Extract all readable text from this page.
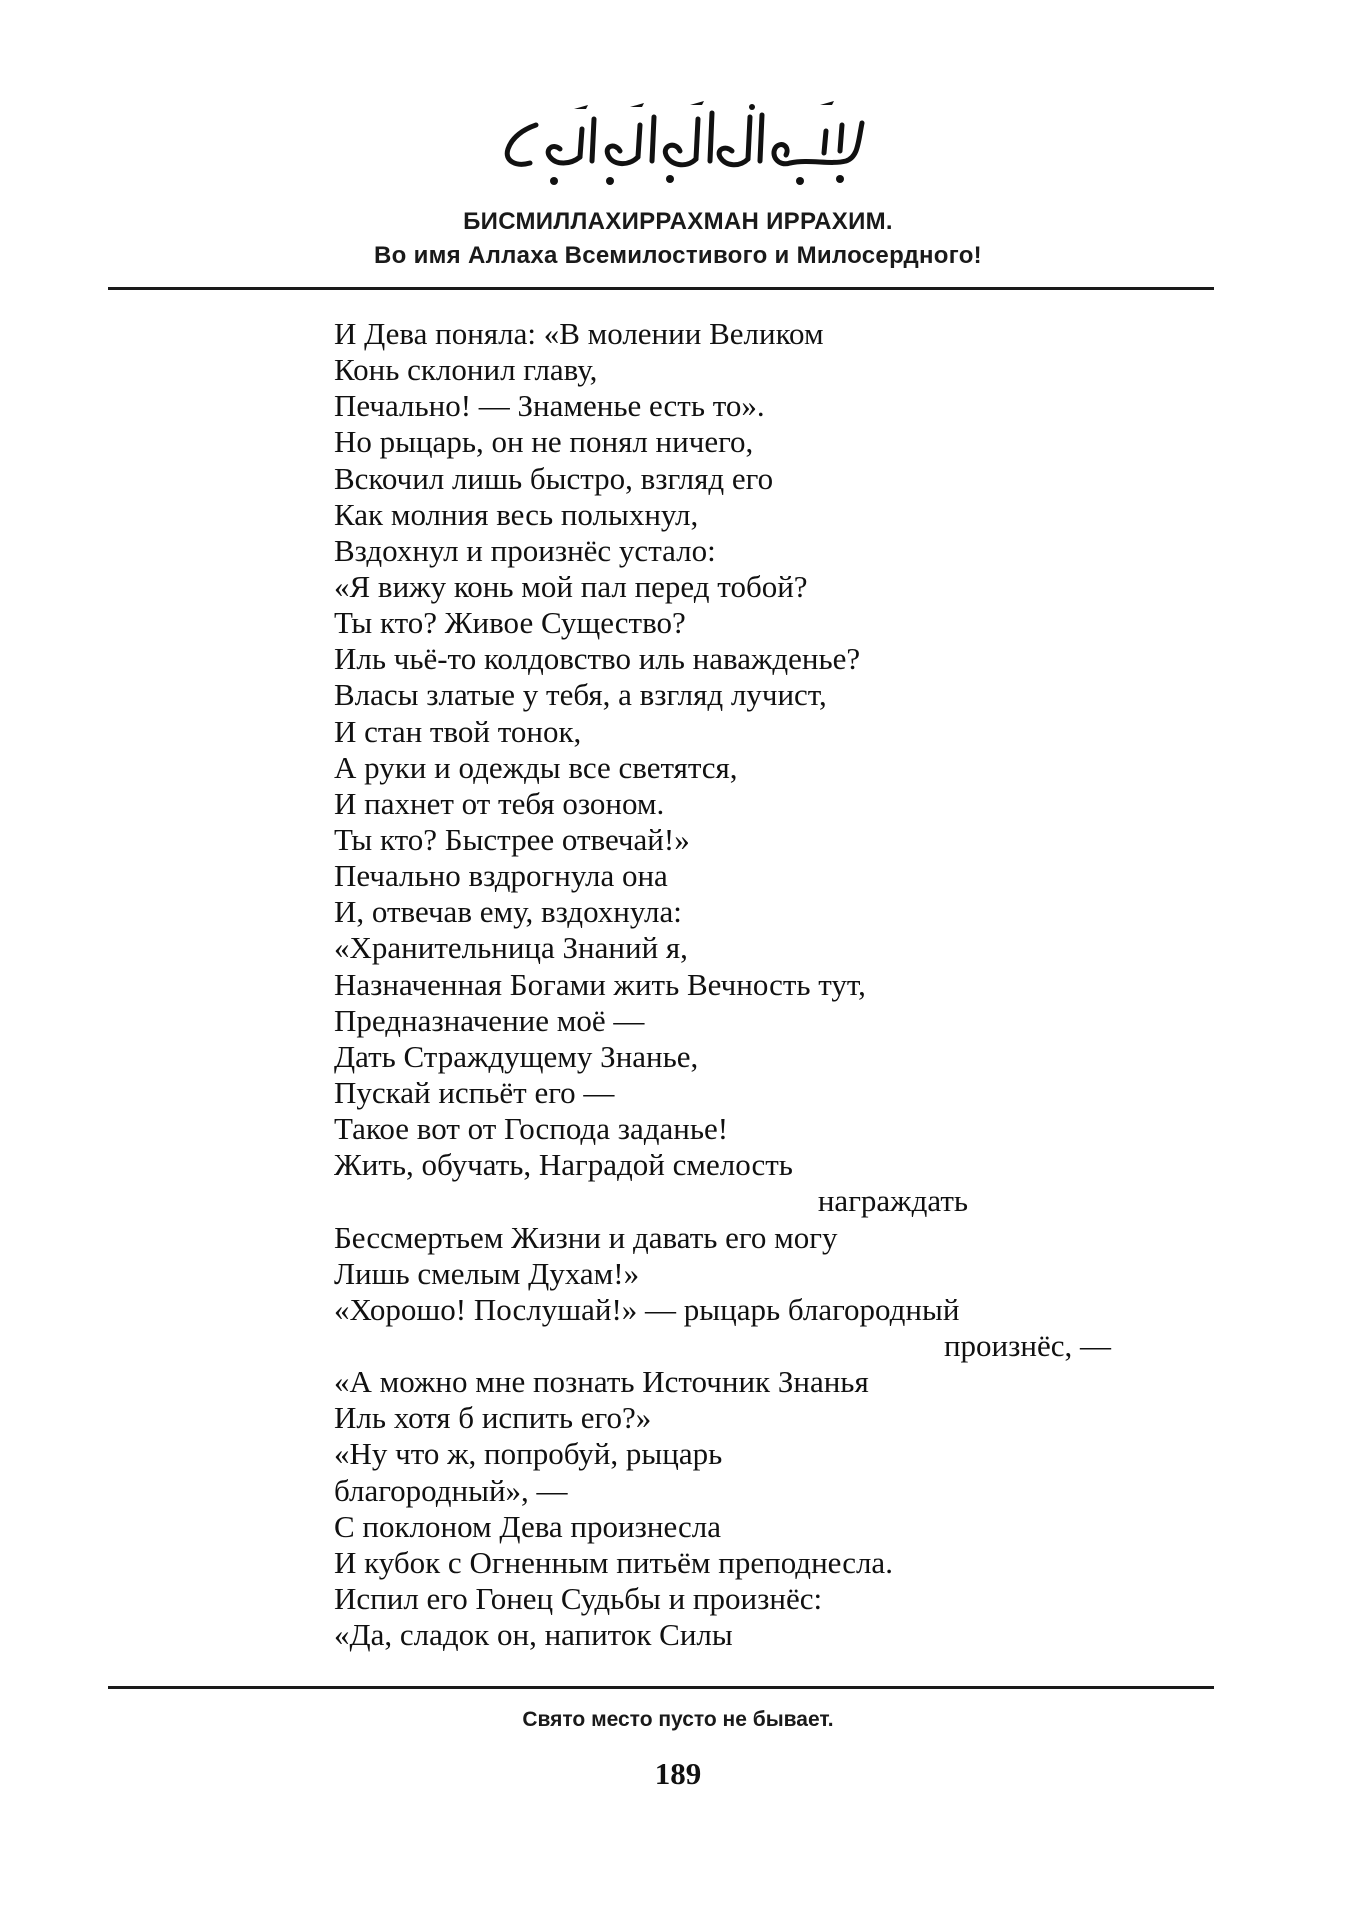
БИСМИЛЛАХИРРАХМАН ИРРАХИМ.
Во имя Аллаха Всемилостивого и Милосердного!
И Дева поняла: «В молении Великом
Конь склонил главу,
Печально! — Знаменье есть то».
Но рыцарь, он не понял ничего,
Вскочил лишь быстро, взгляд его
Как молния весь полыхнул,
Вздохнул и произнёс устало:
«Я вижу конь мой пал перед тобой?
Ты кто? Живое Существо?
Иль чьё-то колдовство иль наважденье?
Власы златые у тебя, а взгляд лучист,
И стан твой тонок,
А руки и одежды все светятся,
И пахнет от тебя озоном.
Ты кто? Быстрее отвечай!»
Печально вздрогнула она
И, отвечав ему, вздохнула:
«Хранительница Знаний я,
Назначенная Богами жить Вечность тут,
Предназначение моё —
Дать Страждущему Знанье,
Пускай испьёт его —
Такое вот от Господа заданье!
Жить, обучать, Наградой смелость
награждать
Бессмертьем Жизни и давать его могу
Лишь смелым Духам!»
«Хорошо! Послушай!» — рыцарь благородный
произнёс, —
«А можно мне познать Источник Знанья
Иль хотя б испить его?»
«Ну что ж, попробуй, рыцарь
благородный», —
С поклоном Дева произнесла
И кубок с Огненным питьём преподнесла.
Испил его Гонец Судьбы и произнёс:
«Да, сладок он, напиток Силы
Свято место пусто не бывает.
189
